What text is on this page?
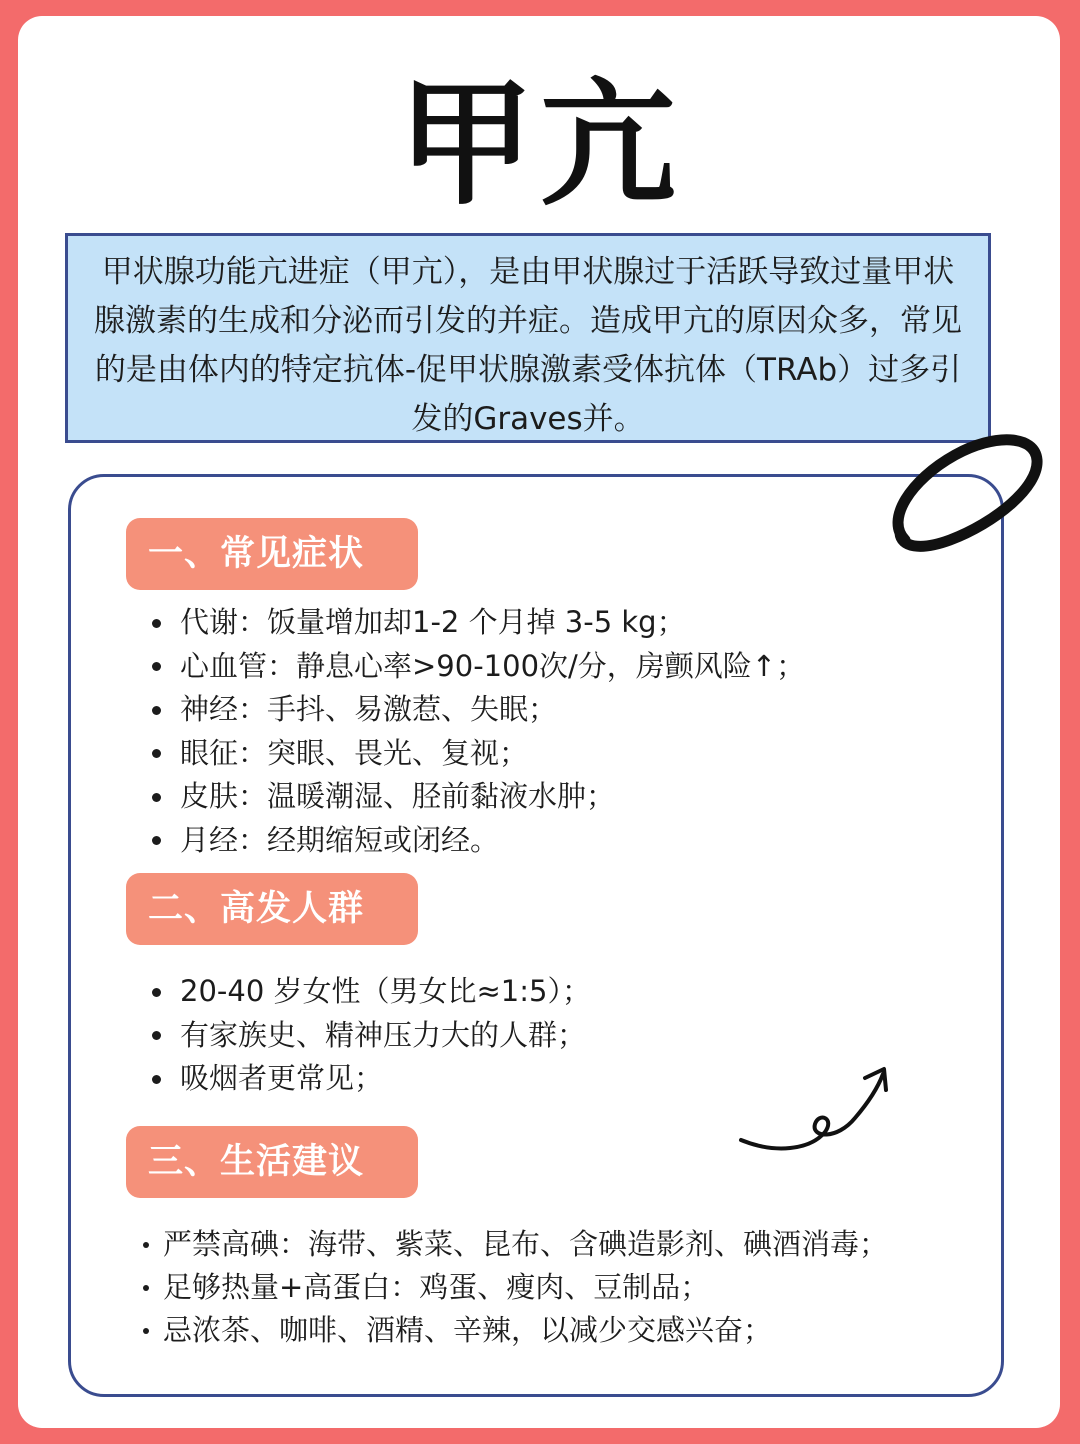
甲亢
甲状腺功能亢进症（甲亢），是由甲状腺过于活跃导致过量甲状腺激素的生成和分泌而引发的并症。造成甲亢的原因众多，常见的是由体内的特定抗体-促甲状腺激素受体抗体（TRAb）过多引发的Graves并。
一、常见症状
代谢：饭量增加却1-2 个月掉 3-5 kg；
心血管：静息心率>90-100次/分，房颤风险↑；
神经：手抖、易激惹、失眠；
眼征：突眼、畏光、复视；
皮肤：温暖潮湿、胫前黏液水肿；
月经：经期缩短或闭经。
二、高发人群
20-40 岁女性（男女比≈1:5）；
有家族史、精神压力大的人群；
吸烟者更常见；
三、生活建议
严禁高碘：海带、紫菜、昆布、含碘造影剂、碘酒消毒；
足够热量+高蛋白：鸡蛋、瘦肉、豆制品；
忌浓茶、咖啡、酒精、辛辣，以减少交感兴奋；
